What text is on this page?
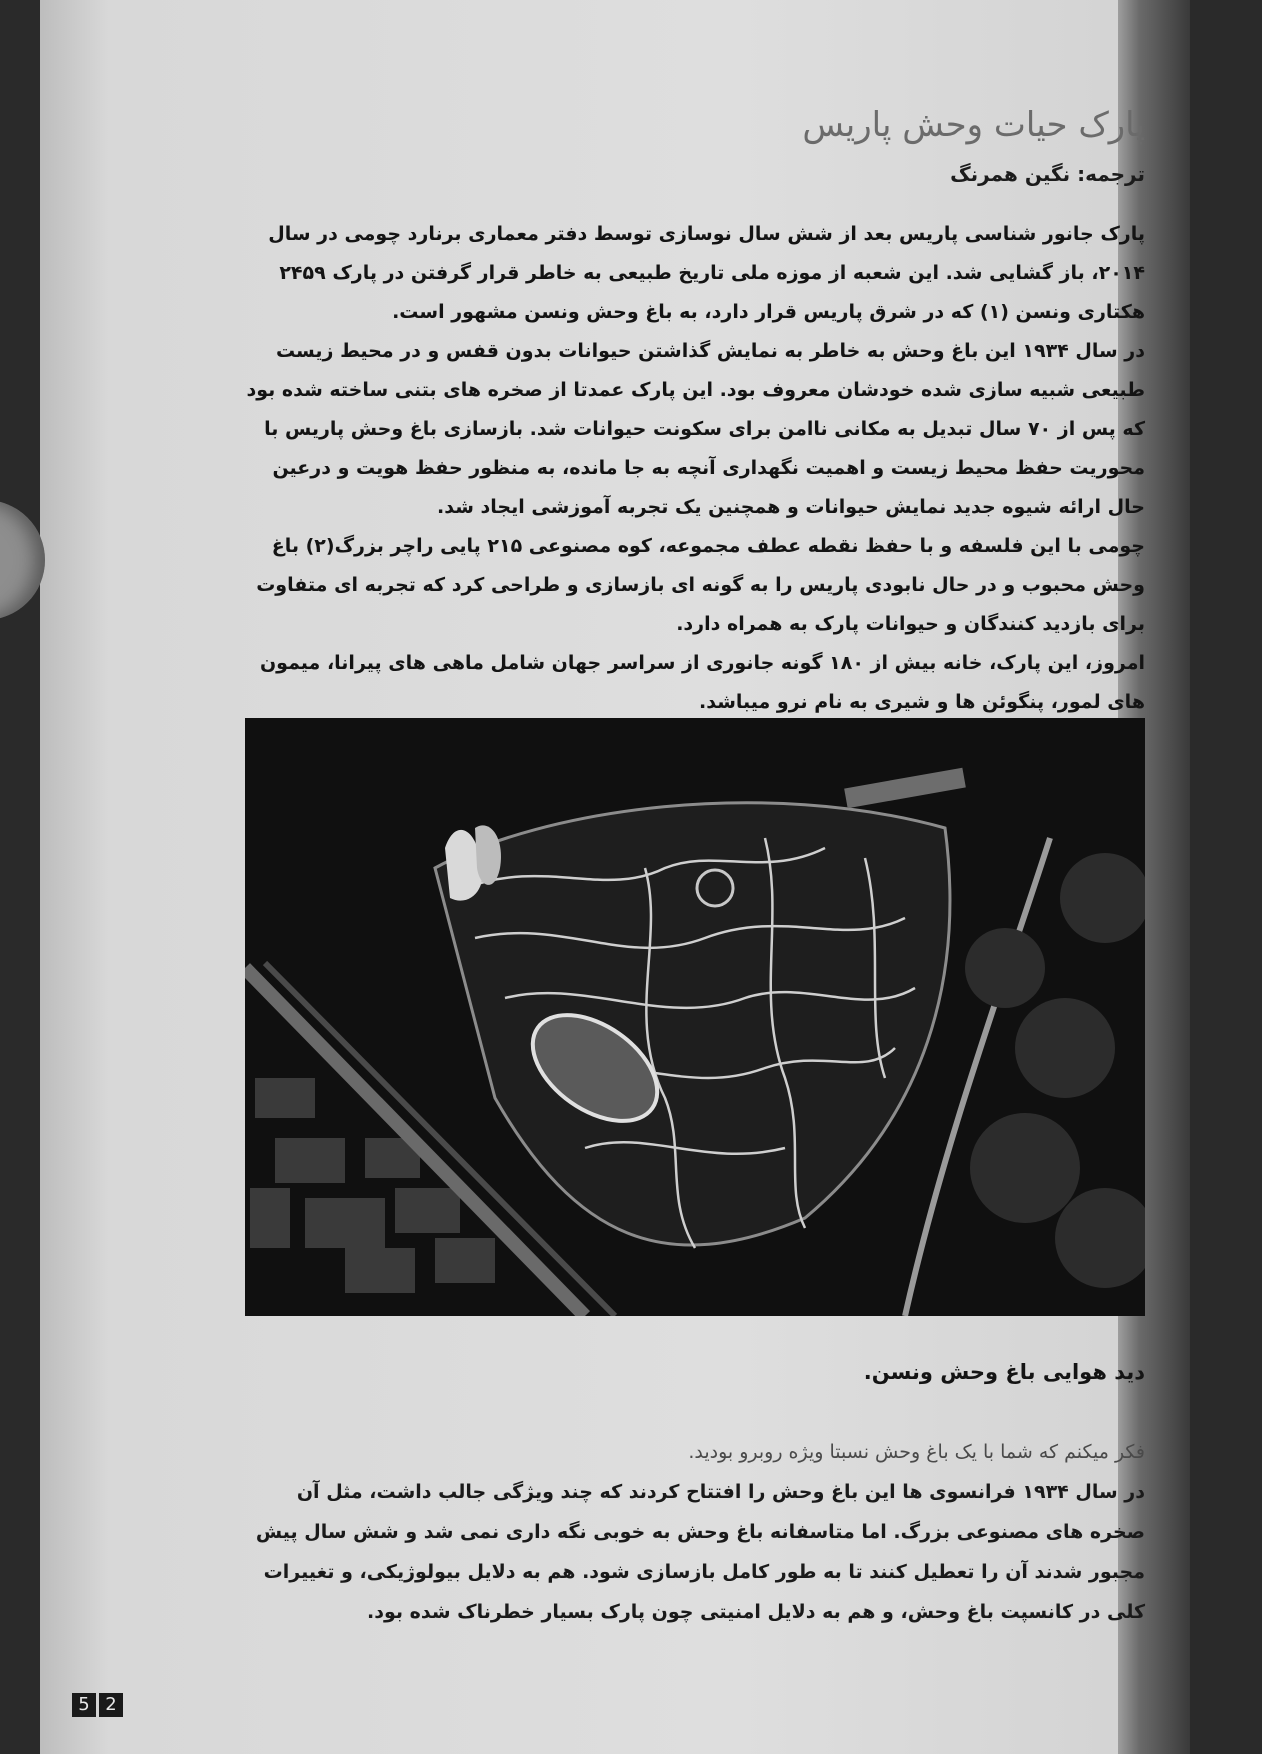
پارک حیات وحش پاریس
ترجمه: نگین همرنگ

پارک جانور شناسی پاریس بعد از شش سال نوسازی توسط دفتر معماری برنارد چومی در سال ۲۰۱۴، باز گشایی شد. این شعبه از موزه ملی تاریخ طبیعی به خاطر قرار گرفتن در پارک ۲۴۵۹ هکتاری ونسن (۱) که در شرق پاریس قرار دارد، به باغ وحش ونسن مشهور است.

در سال ۱۹۳۴ این باغ وحش به خاطر به نمایش گذاشتن حیوانات بدون قفس و در محیط زیست طبیعی شبیه سازی شده خودشان معروف بود. این پارک عمدتا از صخره های بتنی ساخته شده بود که پس از ۷۰ سال تبدیل به مکانی ناامن برای سکونت حیوانات شد. بازسازی باغ وحش پاریس با محوریت حفظ محیط زیست و اهمیت نگهداری آنچه به جا مانده، به منظور حفظ هویت و درعین حال ارائه شیوه جدید نمایش حیوانات و همچنین یک تجربه آموزشی ایجاد شد.

چومی با این فلسفه و با حفظ نقطه عطف مجموعه، کوه مصنوعی ۲۱۵ پایی راچر بزرگ(۲) باغ وحش محبوب و در حال نابودی پاریس را به گونه ای بازسازی و طراحی کرد که تجربه ای متفاوت برای بازدید کنندگان و حیوانات پارک به همراه دارد.

امروز، این پارک، خانه بیش از ۱۸۰ گونه جانوری از سراسر جهان شامل ماهی های پیرانا، میمون های لمور، پنگوئن ها و شیری به نام نرو میباشد.

دید هوایی باغ وحش ونسن.

فکر میکنم که شما با یک باغ وحش نسبتا ویژه روبرو بودید.

در سال ۱۹۳۴ فرانسوی ها این باغ وحش را افتتاح کردند که چند ویژگی جالب داشت، مثل آن صخره های مصنوعی بزرگ. اما متاسفانه باغ وحش به خوبی نگه داری نمی شد و شش سال پیش مجبور شدند آن را تعطیل کنند تا به طور کامل بازسازی شود. هم به دلایل بیولوژیکی، و تغییرات کلی در کانسپت باغ وحش، و هم به دلایل امنیتی چون پارک بسیار خطرناک شده بود.

5 2
